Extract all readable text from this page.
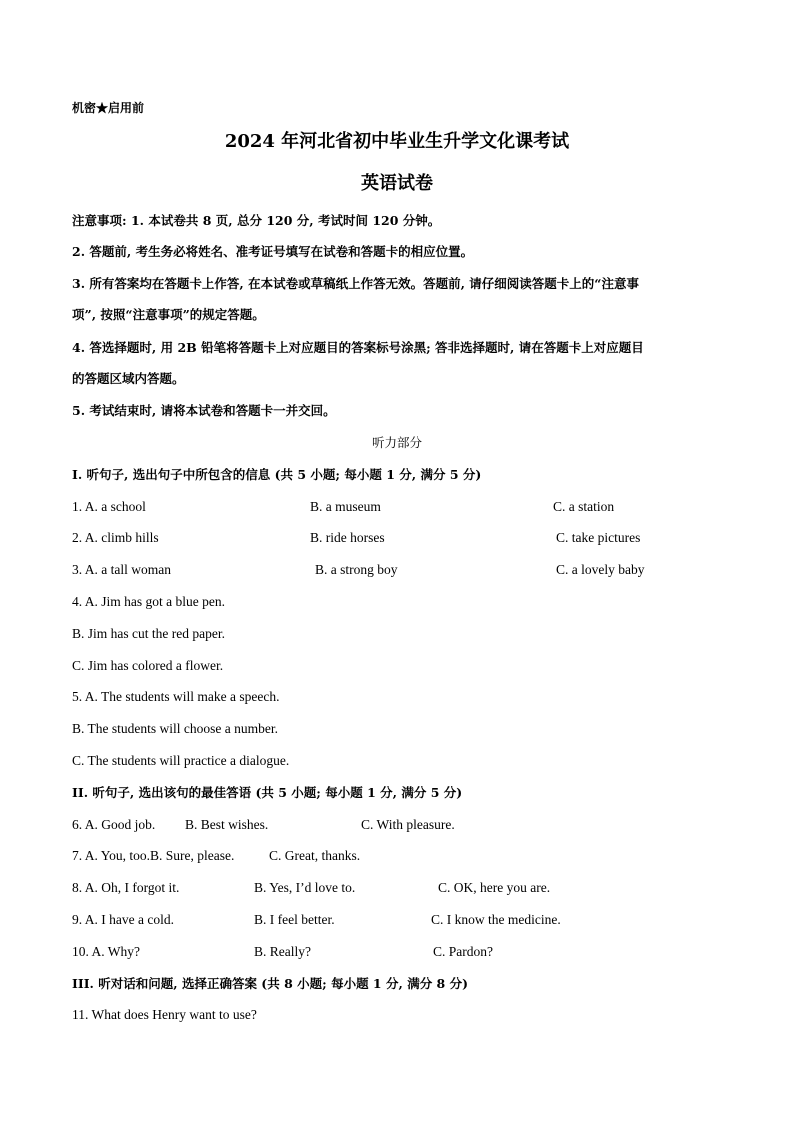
机密★启用前
2024 年河北省初中毕业生升学文化课考试
英语试卷
注意事项: 1. 本试卷共 8 页, 总分 120 分, 考试时间 120 分钟。
2. 答题前, 考生务必将姓名、准考证号填写在试卷和答题卡的相应位置。
3. 所有答案均在答题卡上作答, 在本试卷或草稿纸上作答无效。答题前, 请仔细阅读答题卡上的“注意事
项”, 按照“注意事项”的规定答题。
4. 答选择题时, 用 2B 铅笔将答题卡上对应题目的答案标号涂黑; 答非选择题时, 请在答题卡上对应题目
的答题区域内答题。
5. 考试结束时, 请将本试卷和答题卡一并交回。
听力部分
I. 听句子, 选出句子中所包含的信息 (共 5 小题; 每小题 1 分, 满分 5 分)
1. A. a school	B. a museum	C. a station
2. A. climb hills	B. ride horses	C. take pictures
3. A. a tall woman	B. a strong boy	C. a lovely baby
4. A. Jim has got a blue pen.
B. Jim has cut the red paper.
C. Jim has colored a flower.
5. A. The students will make a speech.
B. The students will choose a number.
C. The students will practice a dialogue.
II. 听句子, 选出该句的最佳答语 (共 5 小题; 每小题 1 分, 满分 5 分)
6. A. Good job. B. Best wishes.	C. With pleasure.
7. A. You, too.B. Sure, please.	C. Great, thanks.
8. A. Oh, I forgot it.	B. Yes, I’d love to.	C. OK, here you are.
9. A. I have a cold.	B. I feel better.	C. I know the medicine.
10. A. Why?	B. Really?	C. Pardon?
III. 听对话和问题, 选择正确答案 (共 8 小题; 每小题 1 分, 满分 8 分)
11. What does Henry want to use?
